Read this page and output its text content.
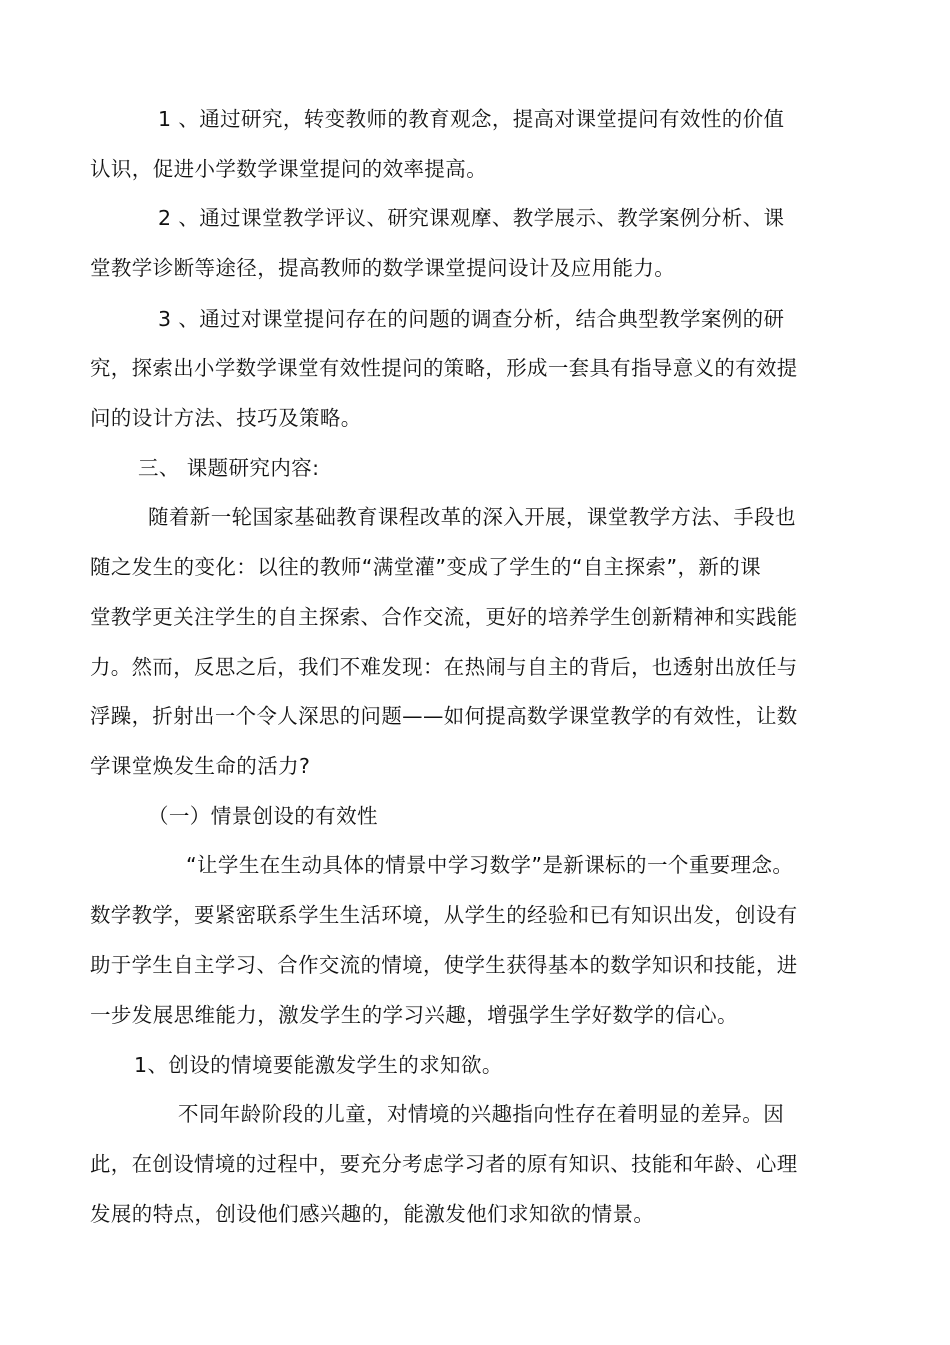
1 、通过研究，转变教师的教育观念，提高对课堂提问有效性的价值
认识，促进小学数学课堂提问的效率提高。
2 、通过课堂教学评议、研究课观摩、教学展示、教学案例分析、课
堂教学诊断等途径，提高教师的数学课堂提问设计及应用能力。
3 、通过对课堂提问存在的问题的调查分析，结合典型教学案例的研
究，探索出小学数学课堂有效性提问的策略，形成一套具有指导意义的有效提
问的设计方法、技巧及策略。
三、 课题研究内容:
随着新一轮国家基础教育课程改革的深入开展，课堂教学方法、手段也
随之发生的变化：以往的教师“满堂灌”变成了学生的“自主探索”，新的课
堂教学更关注学生的自主探索、合作交流，更好的培养学生创新精神和实践能
力。然而，反思之后，我们不难发现：在热闹与自主的背后，也透射出放任与
浮躁，折射出一个令人深思的问题——如何提高数学课堂教学的有效性，让数
学课堂焕发生命的活力?
（一）情景创设的有效性
“让学生在生动具体的情景中学习数学”是新课标的一个重要理念。
数学教学，要紧密联系学生生活环境，从学生的经验和已有知识出发，创设有
助于学生自主学习、合作交流的情境，使学生获得基本的数学知识和技能，进
一步发展思维能力，激发学生的学习兴趣，增强学生学好数学的信心。
1、创设的情境要能激发学生的求知欲。
不同年龄阶段的儿童，对情境的兴趣指向性存在着明显的差异。因
此，在创设情境的过程中，要充分考虑学习者的原有知识、技能和年龄、心理
发展的特点，创设他们感兴趣的，能激发他们求知欲的情景。
